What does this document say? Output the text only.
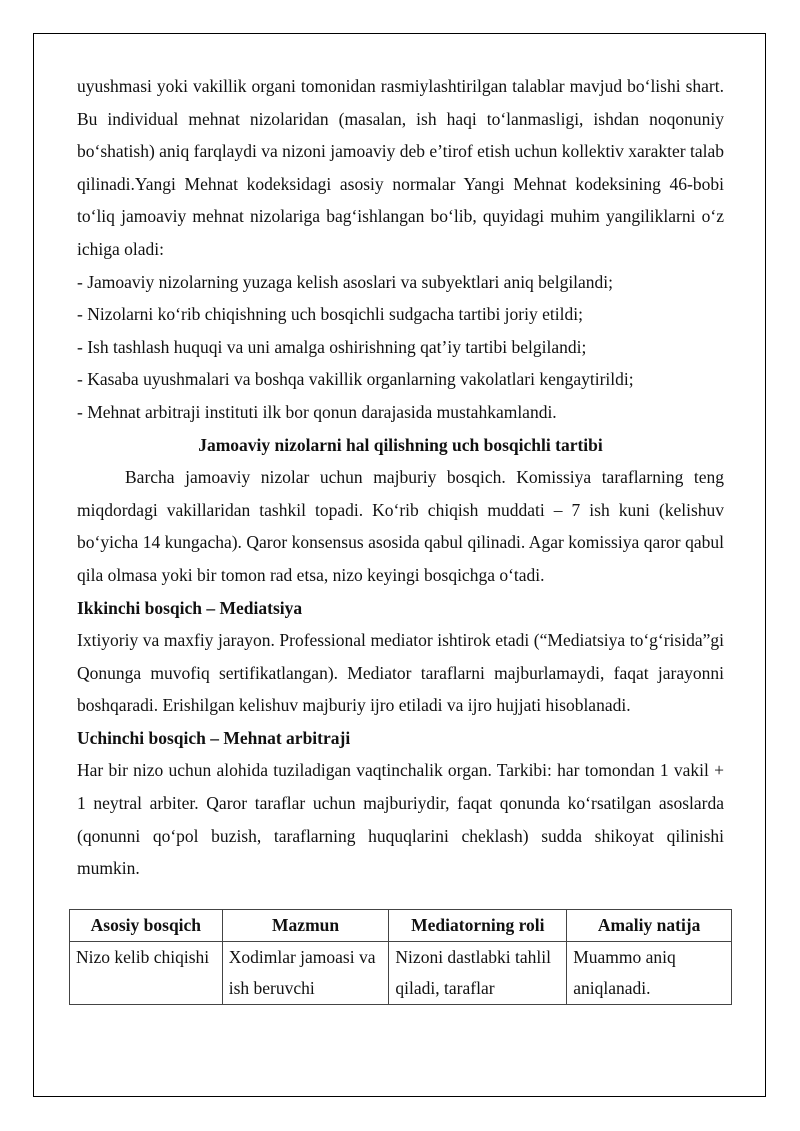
uyushmasi yoki vakillik organi tomonidan rasmiylashtirilgan talablar mavjud bo‘lishi shart. Bu individual mehnat nizolaridan (masalan, ish haqi to‘lanmasligi, ishdan noqonuniy bo‘shatish) aniq farqlaydi va nizoni jamoaviy deb e’tirof etish uchun kollektiv xarakter talab qilinadi.Yangi Mehnat kodeksidagi asosiy normalar Yangi Mehnat kodeksining 46-bobi to‘liq jamoaviy mehnat nizolariga bag‘ishlangan bo‘lib, quyidagi muhim yangiliklarni o‘z ichiga oladi:

- Jamoaviy nizolarning yuzaga kelish asoslari va subyektlari aniq belgilandi;

- Nizolarni ko‘rib chiqishning uch bosqichli sudgacha tartibi joriy etildi;

- Ish tashlash huquqi va uni amalga oshirishning qat’iy tartibi belgilandi;

- Kasaba uyushmalari va boshqa vakillik organlarning vakolatlari kengaytirildi;

- Mehnat arbitraji instituti ilk bor qonun darajasida mustahkamlandi.

Jamoaviy nizolarni hal qilishning uch bosqichli tartibi

Barcha jamoaviy nizolar uchun majburiy bosqich. Komissiya taraflarning teng miqdordagi vakillaridan tashkil topadi. Ko‘rib chiqish muddati – 7 ish kuni (kelishuv bo‘yicha 14 kungacha). Qaror konsensus asosida qabul qilinadi. Agar komissiya qaror qabul qila olmasa yoki bir tomon rad etsa, nizo keyingi bosqichga o‘tadi.

Ikkinchi bosqich – Mediatsiya

Ixtiyoriy va maxfiy jarayon. Professional mediator ishtirok etadi (“Mediatsiya to‘g‘risida”gi Qonunga muvofiq sertifikatlangan). Mediator taraflarni majburlamaydi, faqat jarayonni boshqaradi. Erishilgan kelishuv majburiy ijro etiladi va ijro hujjati hisoblanadi.

Uchinchi bosqich – Mehnat arbitraji

Har bir nizo uchun alohida tuziladigan vaqtinchalik organ. Tarkibi: har tomondan 1 vakil + 1 neytral arbiter. Qaror taraflar uchun majburiydir, faqat qonunda ko‘rsatilgan asoslarda (qonunni qo‘pol buzish, taraflarning huquqlarini cheklash) sudda shikoyat qilinishi mumkin.

Asosiy bosqich	Mazmun	Mediatorning roli	Amaliy natija
Nizo kelib chiqishi	Xodimlar jamoasi va ish beruvchi	Nizoni dastlabki tahlil qiladi, taraflar	Muammo aniq aniqlanadi.
